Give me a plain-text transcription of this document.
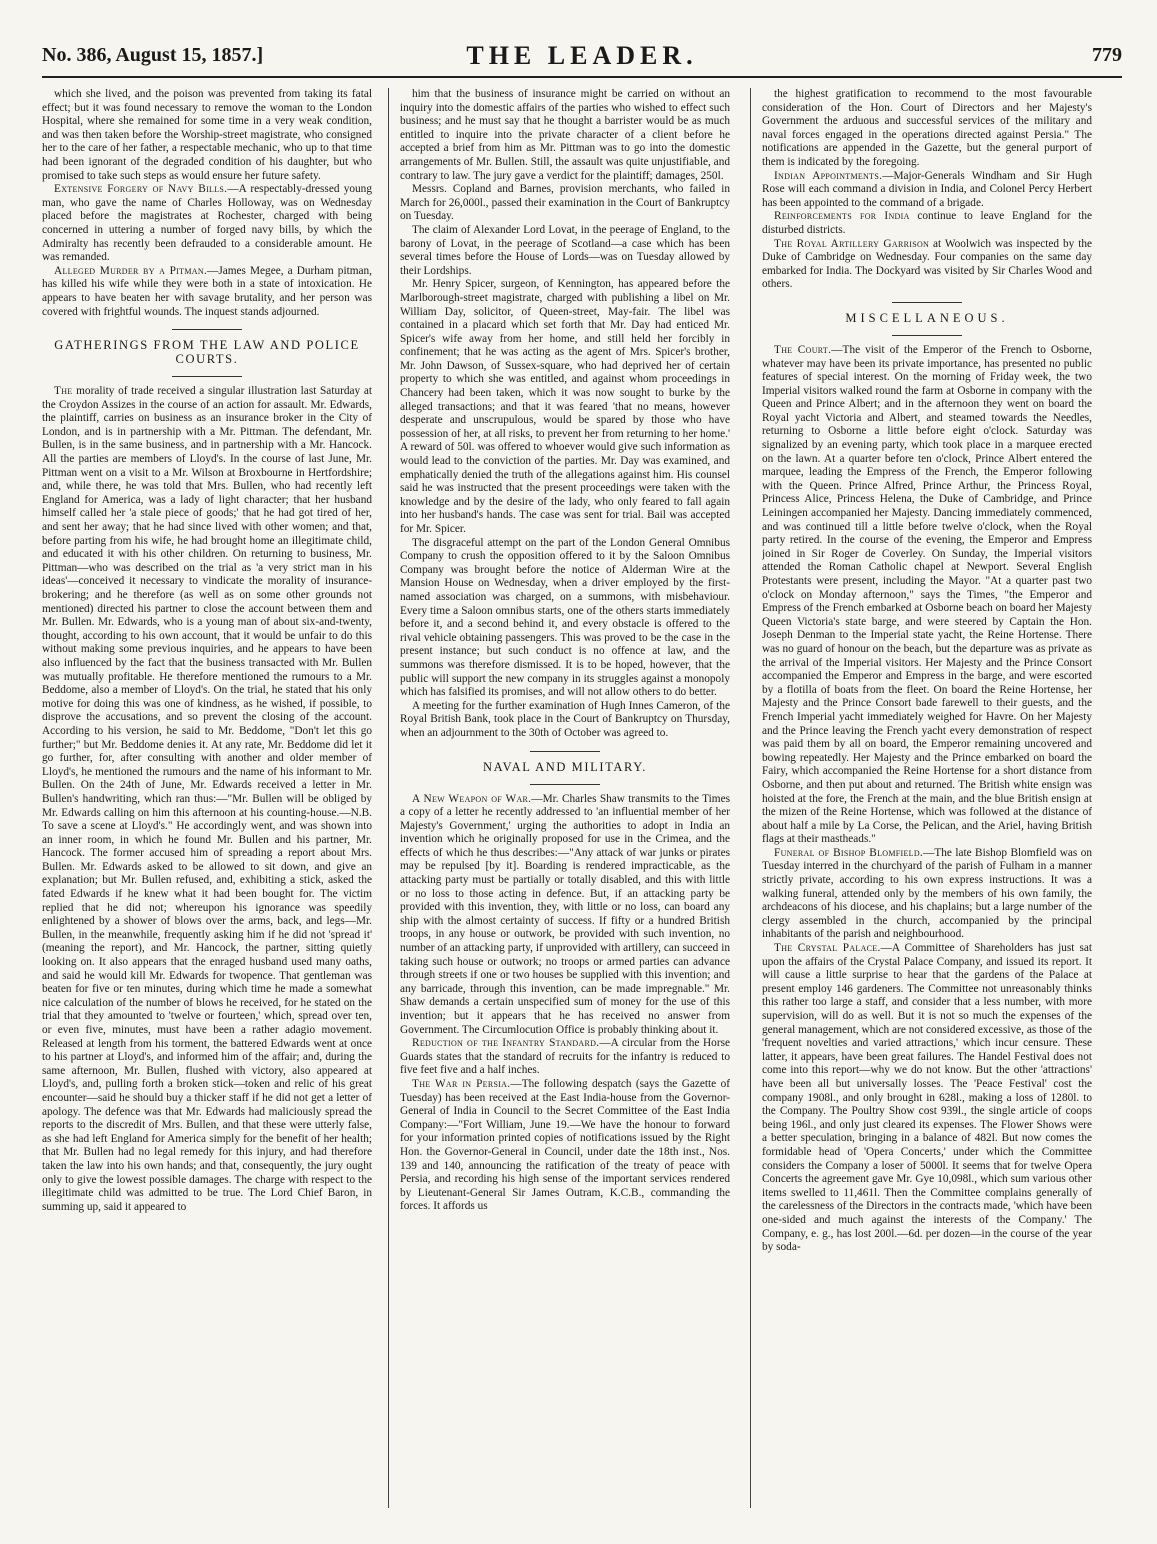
No. 386, August 15, 1857.]	THE LEADER.	779

which she lived, and the poison was prevented from taking its fatal effect; but it was found necessary to remove the woman to the London Hospital, where she remained for some time in a very weak condition, and was then taken before the Worship-street magistrate, who consigned her to the care of her father, a respectable mechanic, who up to that time had been ignorant of the degraded condition of his daughter, but who promised to take such steps as would ensure her future safety.

Extensive Forgery of Navy Bills.—A respectably-dressed young man, who gave the name of Charles Holloway, was on Wednesday placed before the magistrates at Rochester, charged with being concerned in uttering a number of forged navy bills, by which the Admiralty has recently been defrauded to a considerable amount. He was remanded.

Alleged Murder by a Pitman.—James Megee, a Durham pitman, has killed his wife while they were both in a state of intoxication. He appears to have beaten her with savage brutality, and her person was covered with frightful wounds. The inquest stands adjourned.

GATHERINGS FROM THE LAW AND POLICE COURTS.

The morality of trade received a singular illustration last Saturday at the Croydon Assizes in the course of an action for assault. Mr. Edwards, the plaintiff, carries on business as an insurance broker in the City of London, and is in partnership with a Mr. Pittman. The defendant, Mr. Bullen, is in the same business, and in partnership with a Mr. Hancock. All the parties are members of Lloyd's. In the course of last June, Mr. Pittman went on a visit to a Mr. Wilson at Broxbourne in Hertfordshire; and, while there, he was told that Mrs. Bullen, who had recently left England for America, was a lady of light character; that her husband himself called her 'a stale piece of goods;' that he had got tired of her, and sent her away; that he had since lived with other women; and that, before parting from his wife, he had brought home an illegitimate child, and educated it with his other children. On returning to business, Mr. Pittman—who was described on the trial as 'a very strict man in his ideas'—conceived it necessary to vindicate the morality of insurance-brokering; and he therefore (as well as on some other grounds not mentioned) directed his partner to close the account between them and Mr. Bullen. Mr. Edwards, who is a young man of about six-and-twenty, thought, according to his own account, that it would be unfair to do this without making some previous inquiries, and he appears to have been also influenced by the fact that the business transacted with Mr. Bullen was mutually profitable. He therefore mentioned the rumours to a Mr. Beddome, also a member of Lloyd's. On the trial, he stated that his only motive for doing this was one of kindness, as he wished, if possible, to disprove the accusations, and so prevent the closing of the account. According to his version, he said to Mr. Beddome, "Don't let this go further;" but Mr. Beddome denies it. At any rate, Mr. Beddome did let it go further, for, after consulting with another and older member of Lloyd's, he mentioned the rumours and the name of his informant to Mr. Bullen. On the 24th of June, Mr. Edwards received a letter in Mr. Bullen's handwriting, which ran thus:—"Mr. Bullen will be obliged by Mr. Edwards calling on him this afternoon at his counting-house.—N.B. To save a scene at Lloyd's." He accordingly went, and was shown into an inner room, in which he found Mr. Bullen and his partner, Mr. Hancock. The former accused him of spreading a report about Mrs. Bullen. Mr. Edwards asked to be allowed to sit down, and give an explanation; but Mr. Bullen refused, and, exhibiting a stick, asked the fated Edwards if he knew what it had been bought for. The victim replied that he did not; whereupon his ignorance was speedily enlightened by a shower of blows over the arms, back, and legs—Mr. Bullen, in the meanwhile, frequently asking him if he did not 'spread it' (meaning the report), and Mr. Hancock, the partner, sitting quietly looking on. It also appears that the enraged husband used many oaths, and said he would kill Mr. Edwards for twopence. That gentleman was beaten for five or ten minutes, during which time he made a somewhat nice calculation of the number of blows he received, for he stated on the trial that they amounted to 'twelve or fourteen,' which, spread over ten, or even five, minutes, must have been a rather adagio movement. Released at length from his torment, the battered Edwards went at once to his partner at Lloyd's, and informed him of the affair; and, during the same afternoon, Mr. Bullen, flushed with victory, also appeared at Lloyd's, and, pulling forth a broken stick—token and relic of his great encounter—said he should buy a thicker staff if he did not get a letter of apology. The defence was that Mr. Edwards had maliciously spread the reports to the discredit of Mrs. Bullen, and that these were utterly false, as she had left England for America simply for the benefit of her health; that Mr. Bullen had no legal remedy for this injury, and had therefore taken the law into his own hands; and that, consequently, the jury ought only to give the lowest possible damages. The charge with respect to the illegitimate child was admitted to be true. The Lord Chief Baron, in summing up, said it appeared to

him that the business of insurance might be carried on without an inquiry into the domestic affairs of the parties who wished to effect such business; and he must say that he thought a barrister would be as much entitled to inquire into the private character of a client before he accepted a brief from him as Mr. Pittman was to go into the domestic arrangements of Mr. Bullen. Still, the assault was quite unjustifiable, and contrary to law. The jury gave a verdict for the plaintiff; damages, 250l.

Messrs. Copland and Barnes, provision merchants, who failed in March for 26,000l., passed their examination in the Court of Bankruptcy on Tuesday.

The claim of Alexander Lord Lovat, in the peerage of England, to the barony of Lovat, in the peerage of Scotland—a case which has been several times before the House of Lords—was on Tuesday allowed by their Lordships.

Mr. Henry Spicer, surgeon, of Kennington, has appeared before the Marlborough-street magistrate, charged with publishing a libel on Mr. William Day, solicitor, of Queen-street, May-fair. The libel was contained in a placard which set forth that Mr. Day had enticed Mr. Spicer's wife away from her home, and still held her forcibly in confinement; that he was acting as the agent of Mrs. Spicer's brother, Mr. John Dawson, of Sussex-square, who had deprived her of certain property to which she was entitled, and against whom proceedings in Chancery had been taken, which it was now sought to burke by the alleged transactions; and that it was feared 'that no means, however desperate and unscrupulous, would be spared by those who have possession of her, at all risks, to prevent her from returning to her home.' A reward of 50l. was offered to whoever would give such information as would lead to the conviction of the parties. Mr. Day was examined, and emphatically denied the truth of the allegations against him. His counsel said he was instructed that the present proceedings were taken with the knowledge and by the desire of the lady, who only feared to fall again into her husband's hands. The case was sent for trial. Bail was accepted for Mr. Spicer.

The disgraceful attempt on the part of the London General Omnibus Company to crush the opposition offered to it by the Saloon Omnibus Company was brought before the notice of Alderman Wire at the Mansion House on Wednesday, when a driver employed by the first-named association was charged, on a summons, with misbehaviour. Every time a Saloon omnibus starts, one of the others starts immediately before it, and a second behind it, and every obstacle is offered to the rival vehicle obtaining passengers. This was proved to be the case in the present instance; but such conduct is no offence at law, and the summons was therefore dismissed. It is to be hoped, however, that the public will support the new company in its struggles against a monopoly which has falsified its promises, and will not allow others to do better.

A meeting for the further examination of Hugh Innes Cameron, of the Royal British Bank, took place in the Court of Bankruptcy on Thursday, when an adjournment to the 30th of October was agreed to.

NAVAL AND MILITARY.

A New Weapon of War.—Mr. Charles Shaw transmits to the Times a copy of a letter he recently addressed to 'an influential member of her Majesty's Government,' urging the authorities to adopt in India an invention which he originally proposed for use in the Crimea, and the effects of which he thus describes:—"Any attack of war junks or pirates may be repulsed [by it]. Boarding is rendered impracticable, as the attacking party must be partially or totally disabled, and this with little or no loss to those acting in defence. But, if an attacking party be provided with this invention, they, with little or no loss, can board any ship with the almost certainty of success. If fifty or a hundred British troops, in any house or outwork, be provided with such invention, no number of an attacking party, if unprovided with artillery, can succeed in taking such house or outwork; no troops or armed parties can advance through streets if one or two houses be supplied with this invention; and any barricade, through this invention, can be made impregnable." Mr. Shaw demands a certain unspecified sum of money for the use of this invention; but it appears that he has received no answer from Government. The Circumlocution Office is probably thinking about it.

Reduction of the Infantry Standard.—A circular from the Horse Guards states that the standard of recruits for the infantry is reduced to five feet five and a half inches.

The War in Persia.—The following despatch (says the Gazette of Tuesday) has been received at the East India-house from the Governor-General of India in Council to the Secret Committee of the East India Company:—"Fort William, June 19.—We have the honour to forward for your information printed copies of notifications issued by the Right Hon. the Governor-General in Council, under date the 18th inst., Nos. 139 and 140, announcing the ratification of the treaty of peace with Persia, and recording his high sense of the important services rendered by Lieutenant-General Sir James Outram, K.C.B., commanding the forces. It affords us

the highest gratification to recommend to the most favourable consideration of the Hon. Court of Directors and her Majesty's Government the arduous and successful services of the military and naval forces engaged in the operations directed against Persia." The notifications are appended in the Gazette, but the general purport of them is indicated by the foregoing.

Indian Appointments.—Major-Generals Windham and Sir Hugh Rose will each command a division in India, and Colonel Percy Herbert has been appointed to the command of a brigade.

Reinforcements for India continue to leave England for the disturbed districts.

The Royal Artillery Garrison at Woolwich was inspected by the Duke of Cambridge on Wednesday. Four companies on the same day embarked for India. The Dockyard was visited by Sir Charles Wood and others.

MISCELLANEOUS.

The Court.—The visit of the Emperor of the French to Osborne, whatever may have been its private importance, has presented no public features of special interest. On the morning of Friday week, the two Imperial visitors walked round the farm at Osborne in company with the Queen and Prince Albert; and in the afternoon they went on board the Royal yacht Victoria and Albert, and steamed towards the Needles, returning to Osborne a little before eight o'clock. Saturday was signalized by an evening party, which took place in a marquee erected on the lawn. At a quarter before ten o'clock, Prince Albert entered the marquee, leading the Empress of the French, the Emperor following with the Queen. Prince Alfred, Prince Arthur, the Princess Royal, Princess Alice, Princess Helena, the Duke of Cambridge, and Prince Leiningen accompanied her Majesty. Dancing immediately commenced, and was continued till a little before twelve o'clock, when the Royal party retired. In the course of the evening, the Emperor and Empress joined in Sir Roger de Coverley. On Sunday, the Imperial visitors attended the Roman Catholic chapel at Newport. Several English Protestants were present, including the Mayor. "At a quarter past two o'clock on Monday afternoon," says the Times, "the Emperor and Empress of the French embarked at Osborne beach on board her Majesty Queen Victoria's state barge, and were steered by Captain the Hon. Joseph Denman to the Imperial state yacht, the Reine Hortense. There was no guard of honour on the beach, but the departure was as private as the arrival of the Imperial visitors. Her Majesty and the Prince Consort accompanied the Emperor and Empress in the barge, and were escorted by a flotilla of boats from the fleet. On board the Reine Hortense, her Majesty and the Prince Consort bade farewell to their guests, and the French Imperial yacht immediately weighed for Havre. On her Majesty and the Prince leaving the French yacht every demonstration of respect was paid them by all on board, the Emperor remaining uncovered and bowing repeatedly. Her Majesty and the Prince embarked on board the Fairy, which accompanied the Reine Hortense for a short distance from Osborne, and then put about and returned. The British white ensign was hoisted at the fore, the French at the main, and the blue British ensign at the mizen of the Reine Hortense, which was followed at the distance of about half a mile by La Corse, the Pelican, and the Ariel, having British flags at their mastheads."

Funeral of Bishop Blomfield.—The late Bishop Blomfield was on Tuesday interred in the churchyard of the parish of Fulham in a manner strictly private, according to his own express instructions. It was a walking funeral, attended only by the members of his own family, the archdeacons of his diocese, and his chaplains; but a large number of the clergy assembled in the church, accompanied by the principal inhabitants of the parish and neighbourhood.

The Crystal Palace.—A Committee of Shareholders has just sat upon the affairs of the Crystal Palace Company, and issued its report. It will cause a little surprise to hear that the gardens of the Palace at present employ 146 gardeners. The Committee not unreasonably thinks this rather too large a staff, and consider that a less number, with more supervision, will do as well. But it is not so much the expenses of the general management, which are not considered excessive, as those of the 'frequent novelties and varied attractions,' which incur censure. These latter, it appears, have been great failures. The Handel Festival does not come into this report—why we do not know. But the other 'attractions' have been all but universally losses. The 'Peace Festival' cost the company 1908l., and only brought in 628l., making a loss of 1280l. to the Company. The Poultry Show cost 939l., the single article of coops being 196l., and only just cleared its expenses. The Flower Shows were a better speculation, bringing in a balance of 482l. But now comes the formidable head of 'Opera Concerts,' under which the Committee considers the Company a loser of 5000l. It seems that for twelve Opera Concerts the agreement gave Mr. Gye 10,098l., which sum various other items swelled to 11,461l. Then the Committee complains generally of the carelessness of the Directors in the contracts made, 'which have been one-sided and much against the interests of the Company.' The Company, e. g., has lost 200l.—6d. per dozen—in the course of the year by soda-
